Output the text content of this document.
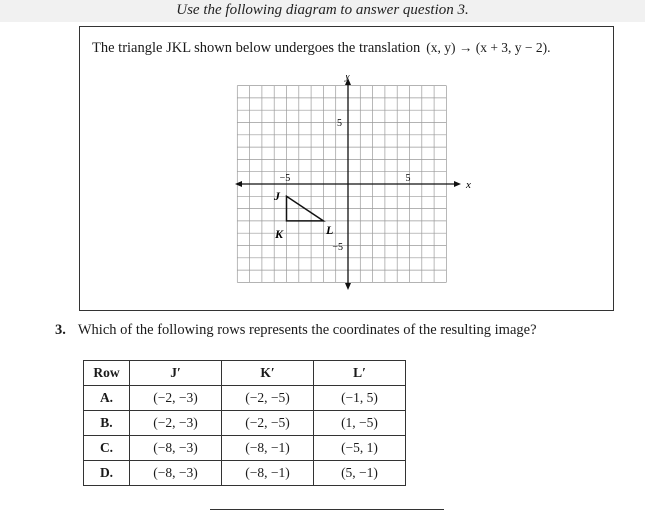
Use the following diagram to answer question 3.
The triangle JKL shown below undergoes the translation (x, y) → (x + 3, y − 2).
x
y
−5	5
5
−5
J
K	L
3. Which of the following rows represents the coordinates of the resulting image?
Row	J′	K′	L′
A.	(−2, −3)	(−2, −5)	(−1, 5)
B.	(−2, −3)	(−2, −5)	(1, −5)
C.	(−8, −3)	(−8, −1)	(−5, 1)
D.	(−8, −3)	(−8, −1)	(5, −1)
